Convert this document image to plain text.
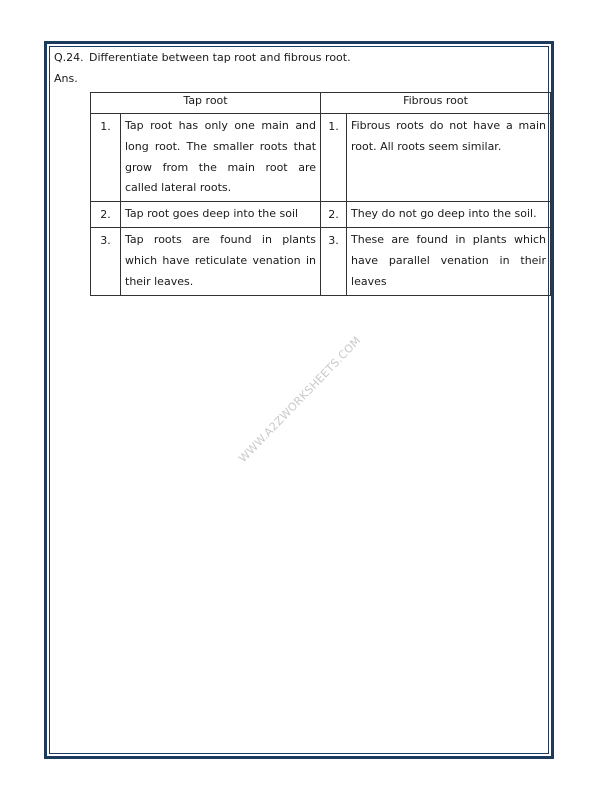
Q.24. Differentiate between tap root and fibrous root.
Ans.
Tap root		Fibrous root	
1.	Tap root has only one main and long root. The smaller roots that grow from the main root are called lateral roots.	1.	Fibrous roots do not have a main root. All roots seem similar.
2.	Tap root goes deep into the soil	2.	They do not go deep into the soil.
3.	Tap roots are found in plants which have reticulate venation in their leaves.	3.	These are found in plants which have parallel venation in their leaves
WWW.A2ZWORKSHEETS.COM
